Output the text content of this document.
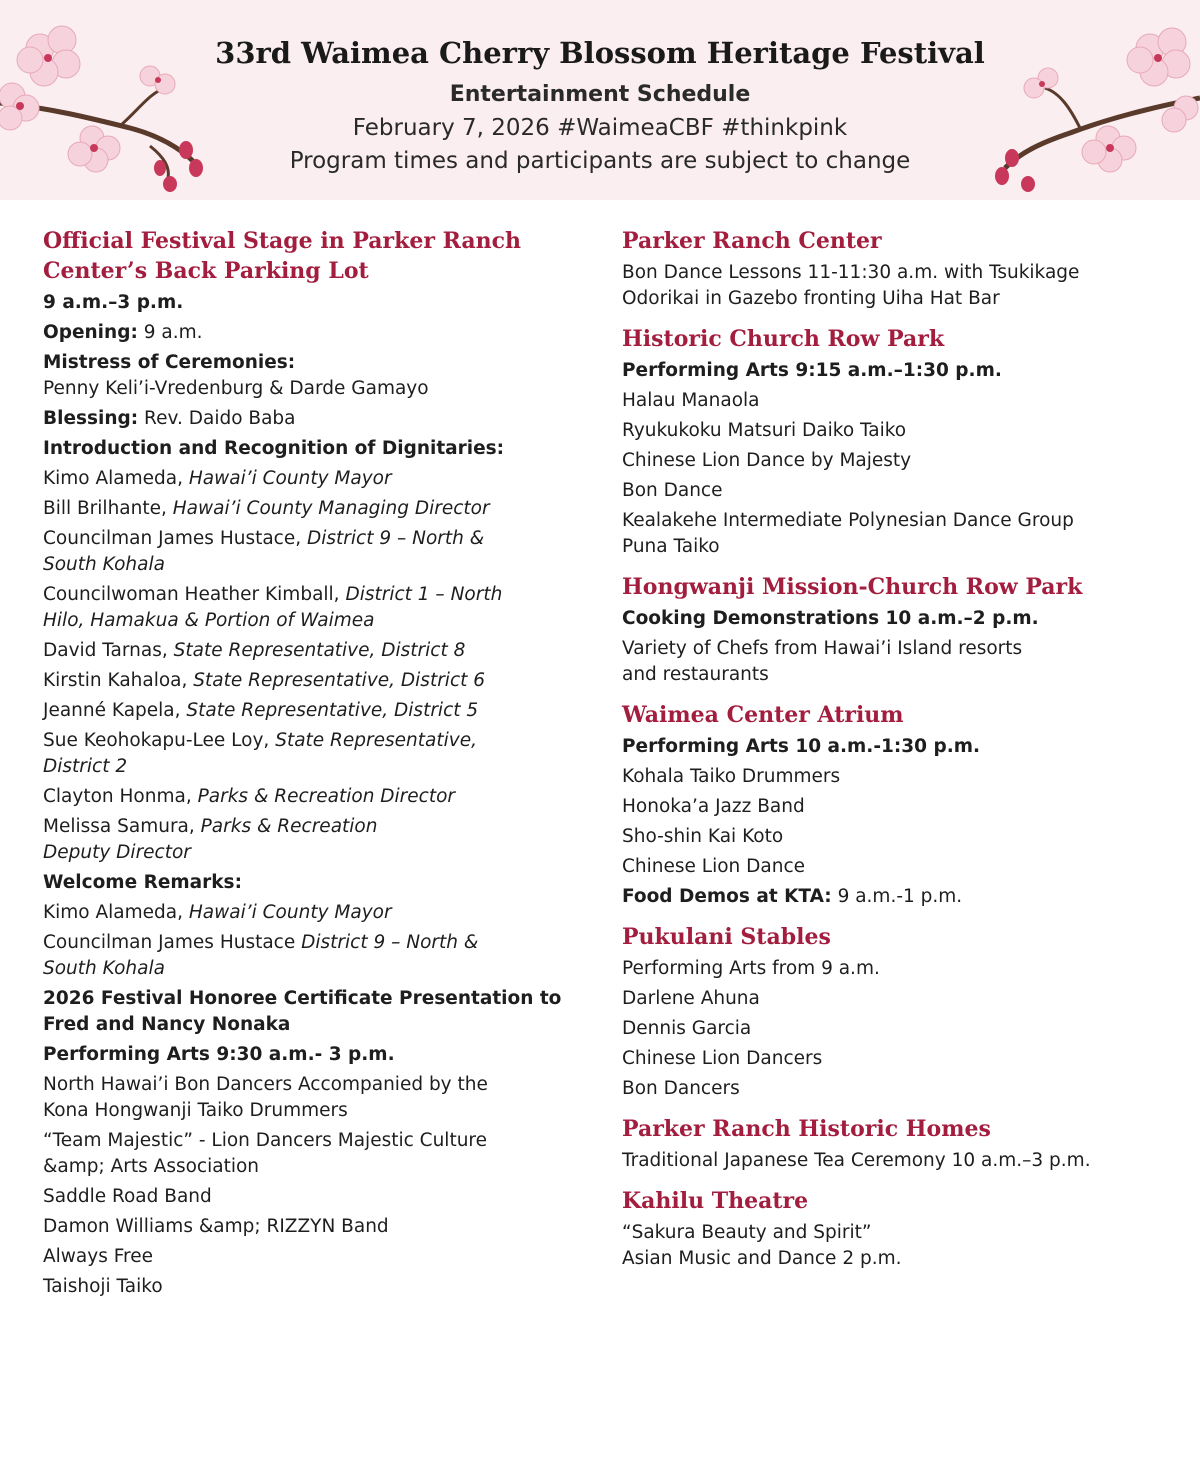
33rd Waimea Cherry Blossom Heritage Festival
Entertainment Schedule
February 7, 2026 #WaimeaCBF #thinkpink
Program times and participants are subject to change
Official Festival Stage in Parker Ranch
Center’s Back Parking Lot
9 a.m.–3 p.m.
Opening: 9 a.m.
Mistress of Ceremonies:
Penny Keli’i-Vredenburg & Darde Gamayo
Blessing: Rev. Daido Baba
Introduction and Recognition of Dignitaries:
Kimo Alameda, Hawai’i County Mayor
Bill Brilhante, Hawai’i County Managing Director
Councilman James Hustace, District 9 – North &
South Kohala
Councilwoman Heather Kimball, District 1 – North
Hilo, Hamakua & Portion of Waimea
David Tarnas, State Representative, District 8
Kirstin Kahaloa, State Representative, District 6
Jeanné Kapela, State Representative, District 5
Sue Keohokapu-Lee Loy, State Representative,
District 2
Clayton Honma, Parks & Recreation Director
Melissa Samura, Parks & Recreation
Deputy Director
Welcome Remarks:
Kimo Alameda, Hawai’i County Mayor
Councilman James Hustace District 9 – North &
South Kohala
2026 Festival Honoree Certificate Presentation to
Fred and Nancy Nonaka
Performing Arts 9:30 a.m.- 3 p.m.
North Hawai’i Bon Dancers Accompanied by the
Kona Hongwanji Taiko Drummers
“Team Majestic” - Lion Dancers Majestic Culture
&amp; Arts Association
Saddle Road Band
Damon Williams &amp; RIZZYN Band
Always Free
Taishoji Taiko
Parker Ranch Center
Bon Dance Lessons 11-11:30 a.m. with Tsukikage
Odorikai in Gazebo fronting Uiha Hat Bar
Historic Church Row Park
Performing Arts 9:15 a.m.–1:30 p.m.
Halau Manaola
Ryukukoku Matsuri Daiko Taiko
Chinese Lion Dance by Majesty
Bon Dance
Kealakehe Intermediate Polynesian Dance Group
Puna Taiko
Hongwanji Mission-Church Row Park
Cooking Demonstrations 10 a.m.–2 p.m.
Variety of Chefs from Hawai’i Island resorts
and restaurants
Waimea Center Atrium
Performing Arts 10 a.m.-1:30 p.m.
Kohala Taiko Drummers
Honoka’a Jazz Band
Sho-shin Kai Koto
Chinese Lion Dance
Food Demos at KTA: 9 a.m.-1 p.m.
Pukulani Stables
Performing Arts from 9 a.m.
Darlene Ahuna
Dennis Garcia
Chinese Lion Dancers
Bon Dancers
Parker Ranch Historic Homes
Traditional Japanese Tea Ceremony 10 a.m.–3 p.m.
Kahilu Theatre
“Sakura Beauty and Spirit”
Asian Music and Dance 2 p.m.
